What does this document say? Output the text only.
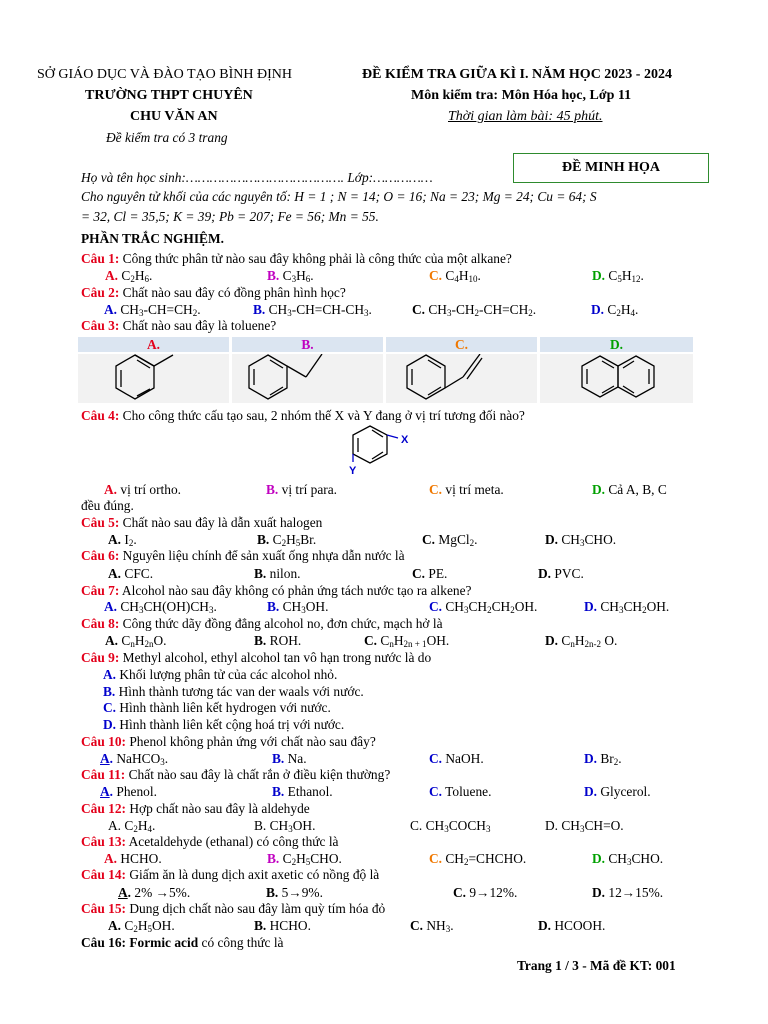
SỞ GIÁO DỤC VÀ ĐÀO TẠO BÌNH ĐỊNH
TRƯỜNG THPT CHUYÊN
CHU VĂN AN
Đề kiểm tra có 3 trang
ĐỀ KIỂM TRA GIỮA KÌ I. NĂM HỌC 2023 - 2024
Môn kiểm tra: Môn Hóa học, Lớp 11
Thời gian làm bài: 45 phút.
ĐỀ MINH HỌA
Họ và tên học sinh:…………………………………. Lớp:……………
Cho nguyên tử khối của các nguyên tố: H = 1 ; N = 14; O = 16; Na = 23; Mg = 24; Cu = 64; S
= 32, Cl = 35,5; K = 39; Pb = 207; Fe = 56; Mn = 55.
PHẦN TRẮC NGHIỆM.
Câu 1: Công thức phân tử nào sau đây không phải là công thức của một alkane?
A. $C_2H_6$.	B. $C_3H_6$.	C. $C_4H_{10}$.	D. $C_5H_{12}$.
Câu 2: Chất nào sau đây có đồng phân hình học?
A. $CH_3-CH=CH_2$.	B. $CH_3-CH=CH-CH_3$.	C. $CH_3-CH_2-CH=CH_2$.	D. $C_2H_4$.
Câu 3: Chất nào sau đây là toluene?
A.	B.	C.	D.
Câu 4: Cho công thức cấu tạo sau, 2 nhóm thế X và Y đang ở vị trí tương đối nào?
X
Y
A. vị trí ortho.	B. vị trí para.	C. vị trí meta.	D. Cả A, B, C
đều đúng.
Câu 5: Chất nào sau đây là dẫn xuất halogen
A. $I_2$.	B. $C_2H_5Br$.	C. MgCl$_2$.	D. $CH_3CHO$.
Câu 6: Nguyên liệu chính để sản xuất ống nhựa dẫn nước là
A. CFC.	B. nilon.	C. PE.	D. PVC.
Câu 7: Alcohol nào sau đây không có phản ứng tách nước tạo ra alkene?
A. $CH_3CH(OH)CH_3$.	B. $CH_3OH$.	C. $CH_3CH_2CH_2OH$.	D. $CH_3CH_2OH$.
Câu 8: Công thức dãy đồng đẳng alcohol no, đơn chức, mạch hở là
A. $C_nH_{2n}O$.	B. ROH.	C. $C_nH_{2n + 1}OH$.	D. $C_nH_{2n-2}$ O.
Câu 9: Methyl alcohol, ethyl alcohol tan vô hạn trong nước là do
A. Khối lượng phân tử của các alcohol nhỏ.
B. Hình thành tương tác van der waals với nước.
C. Hình thành liên kết hydrogen với nước.
D. Hình thành liên kết cộng hoá trị với nước.
Câu 10: Phenol không phản ứng với chất nào sau đây?
A. NaHCO$_3$.	B. Na.	C. NaOH.	D. $Br_2$.
Câu 11: Chất nào sau đây là chất rắn ở điều kiện thường?
A. Phenol.	B. Ethanol.	C. Toluene.	D. Glycerol.
Câu 12: Hợp chất nào sau đây là aldehyde
A. $C_2H_4$.	B. $CH_3OH$.	C. $CH_3COCH_3$	D. $CH_3CH=O$.
Câu 13: Acetaldehyde (ethanal) có công thức là
A. HCHO.	B. $C_2H_5CHO$.	C. $CH_2=CHCHO$.	D. $CH_3CHO$.
Câu 14: Giấm ăn là dung dịch axit axetic có nồng độ là
A. 2% →5%.	B. 5→9%.	C. 9→12%.	D. 12→15%.
Câu 15: Dung dịch chất nào sau đây làm quỳ tím hóa đỏ
A. $C_2H_5OH$.	B. HCHO.	C. $NH_3$.	D. HCOOH.
Câu 16: Formic acid có công thức là
Trang 1 / 3 - Mã đề KT: 001
